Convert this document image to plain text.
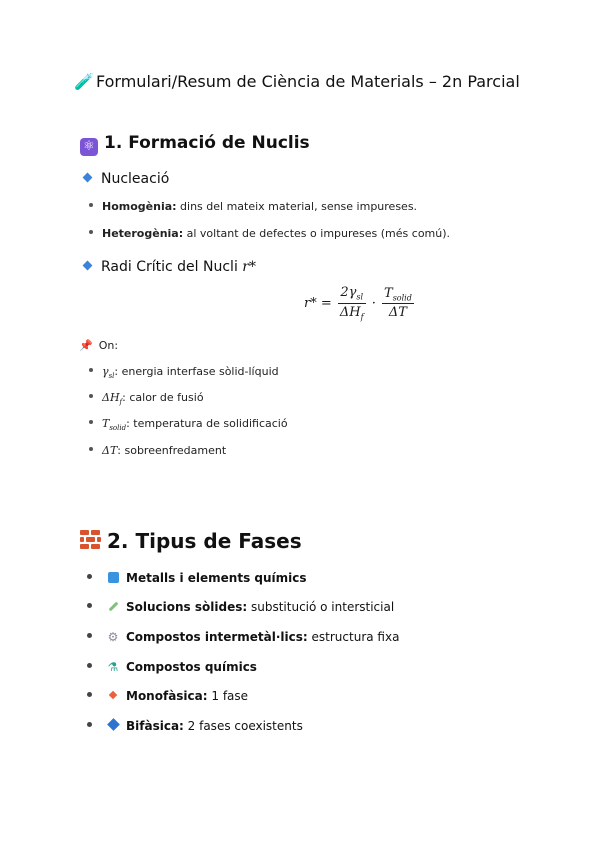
🧪 Formulari/Resum de Ciència de Materials – 2n Parcial
⚛ 1. Formació de Nuclis
Nucleació
Homogènia: dins del mateix material, sense impureses.
Heterogènia: al voltant de defectes o impureses (més comú).
Radi Crític del Nucli r*
$r* = \frac{2\gamma_{sl}}{\Delta H_f} \cdot \frac{T_{solid}}{\Delta T}$
📌 On:
$\gamma_{sl}$: energia interfase sòlid-líquid
$\Delta H_f$: calor de fusió
$T_{solid}$: temperatura de solidificació
ΔT: sobreenfredament
2. Tipus de Fases
Metalls i elements químics
Solucions sòlides: substitució o intersticial
⚙ Compostos intermetàl·lics: estructura fixa
⚗ Compostos químics
Monofàsica: 1 fase
Bifàsica: 2 fases coexistents
